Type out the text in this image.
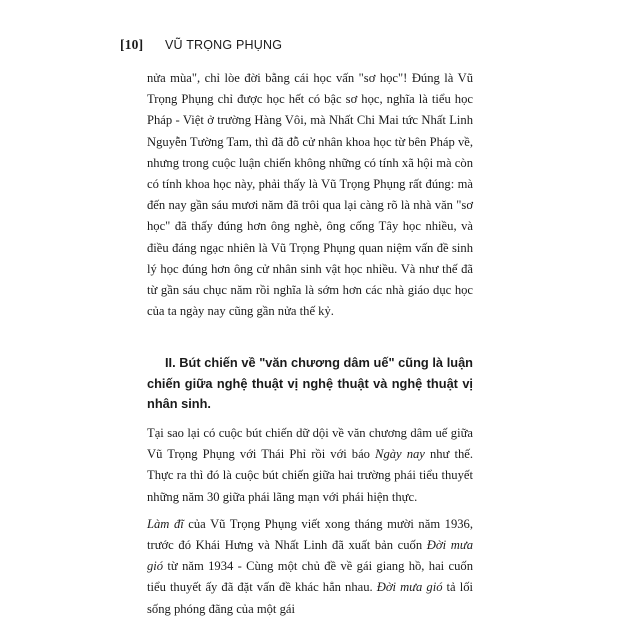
[10] VŨ TRỌNG PHỤNG

nửa mùa", chỉ lòe đời bằng cái học vấn "sơ học"! Đúng là Vũ Trọng Phụng chỉ được học hết có bậc sơ học, nghĩa là tiểu học Pháp - Việt ở trường Hàng Vôi, mà Nhất Chi Mai tức Nhất Linh Nguyễn Tường Tam, thì đã đỗ cử nhân khoa học từ bên Pháp về, nhưng trong cuộc luận chiến không những có tính xã hội mà còn có tính khoa học này, phải thấy là Vũ Trọng Phụng rất đúng: mà đến nay gần sáu mươi năm đã trôi qua lại càng rõ là nhà văn "sơ học" đã thấy đúng hơn ông nghè, ông cống Tây học nhiều, và điều đáng ngạc nhiên là Vũ Trọng Phụng quan niệm vấn đề sinh lý học đúng hơn ông cử nhân sinh vật học nhiều. Và như thế đã từ gần sáu chục năm rồi nghĩa là sớm hơn các nhà giáo dục học của ta ngày nay cũng gần nửa thế kỷ.

II. Bút chiến về "văn chương dâm uế" cũng là luận chiến giữa nghệ thuật vị nghệ thuật và nghệ thuật vị nhân sinh.

Tại sao lại có cuộc bút chiến dữ dội về văn chương dâm uế giữa Vũ Trọng Phụng với Thái Phỉ rồi với báo Ngày nay như thế. Thực ra thì đó là cuộc bút chiến giữa hai trường phái tiểu thuyết những năm 30 giữa phái lãng mạn với phái hiện thực.

Làm đĩ của Vũ Trọng Phụng viết xong tháng mười năm 1936, trước đó Khái Hưng và Nhất Linh đã xuất bản cuốn Đời mưa gió từ năm 1934 - Cùng một chủ đề về gái giang hồ, hai cuốn tiểu thuyết ấy đã đặt vấn đề khác hẳn nhau. Đời mưa gió tả lối sống phóng đãng của một gái
